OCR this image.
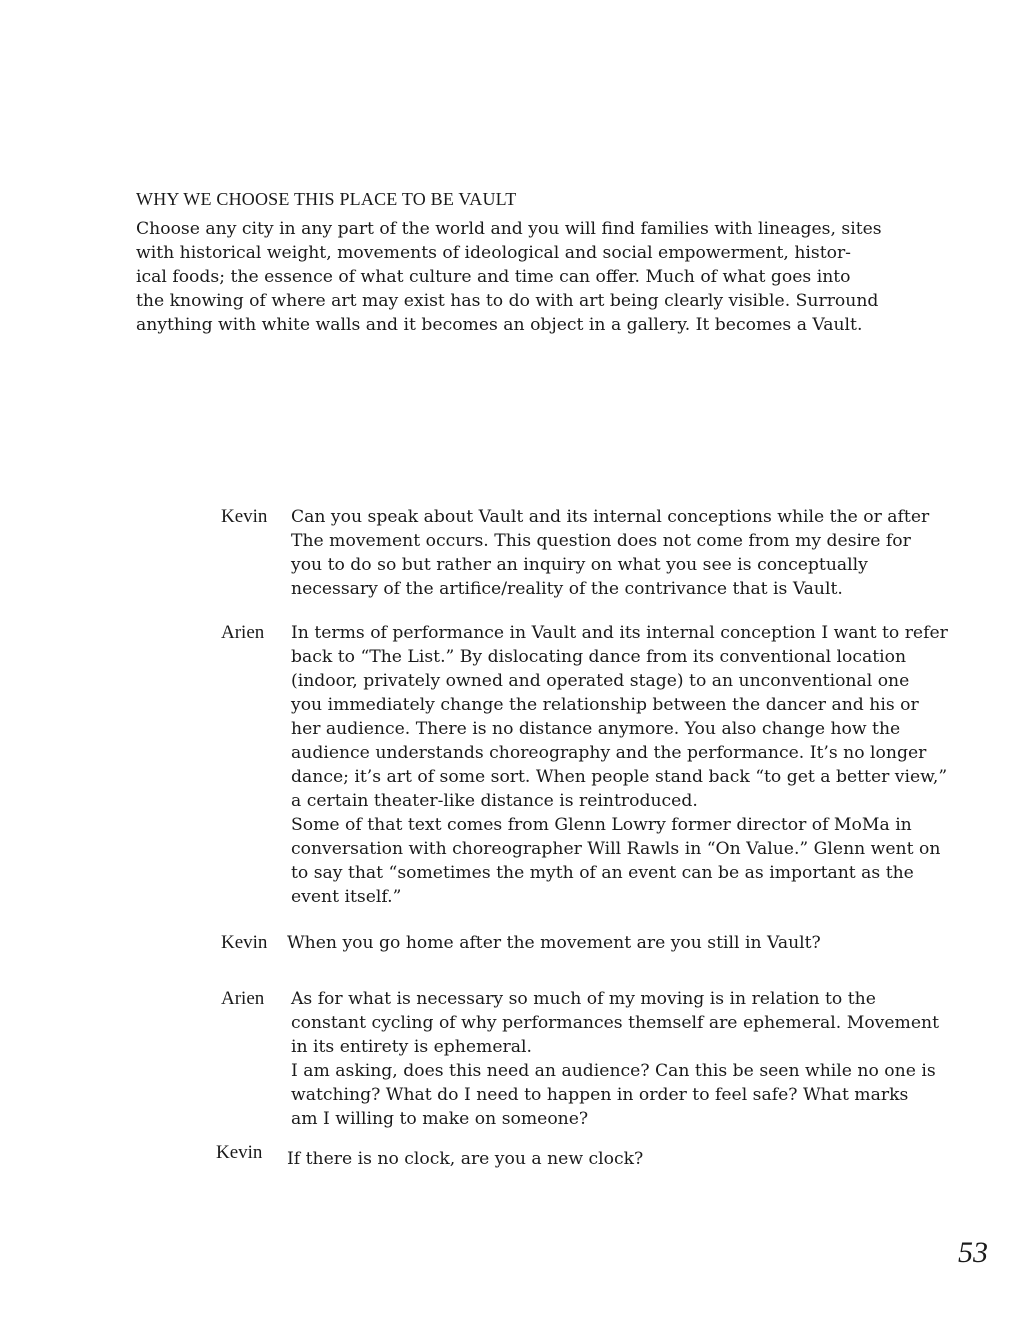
WHY WE CHOOSE THIS PLACE TO BE VAULT

Choose any city in any part of the world and you will find families with lineages, sites

with historical weight, movements of ideological and social empowerment, histor-

ical foods; the essence of what culture and time can offer. Much of what goes into

the knowing of where art may exist has to do with art being clearly visible. Surround

anything with white walls and it becomes an object in a gallery. It becomes a Vault.

Kevin Can you speak about Vault and its internal conceptions while the or after

The movement occurs. This question does not come from my desire for

you to do so but rather an inquiry on what you see is conceptually

necessary of the artifice/reality of the contrivance that is Vault.

Arien In terms of performance in Vault and its internal conception I want to refer

back to “The List.” By dislocating dance from its conventional location

(indoor, privately owned and operated stage) to an unconventional one

you immediately change the relationship between the dancer and his or

her audience. There is no distance anymore. You also change how the

audience understands choreography and the performance. It’s no longer

dance; it’s art of some sort. When people stand back “to get a better view,”

a certain theater-like distance is reintroduced.

Some of that text comes from Glenn Lowry former director of MoMa in

conversation with choreographer Will Rawls in “On Value.” Glenn went on

to say that “sometimes the myth of an event can be as important as the

event itself.”

Kevin When you go home after the movement are you still in Vault?

Arien As for what is necessary so much of my moving is in relation to the

constant cycling of why performances themself are ephemeral. Movement

in its entirety is ephemeral.

I am asking, does this need an audience? Can this be seen while no one is

watching? What do I need to happen in order to feel safe? What marks

am I willing to make on someone?

Kevin If there is no clock, are you a new clock?

53
